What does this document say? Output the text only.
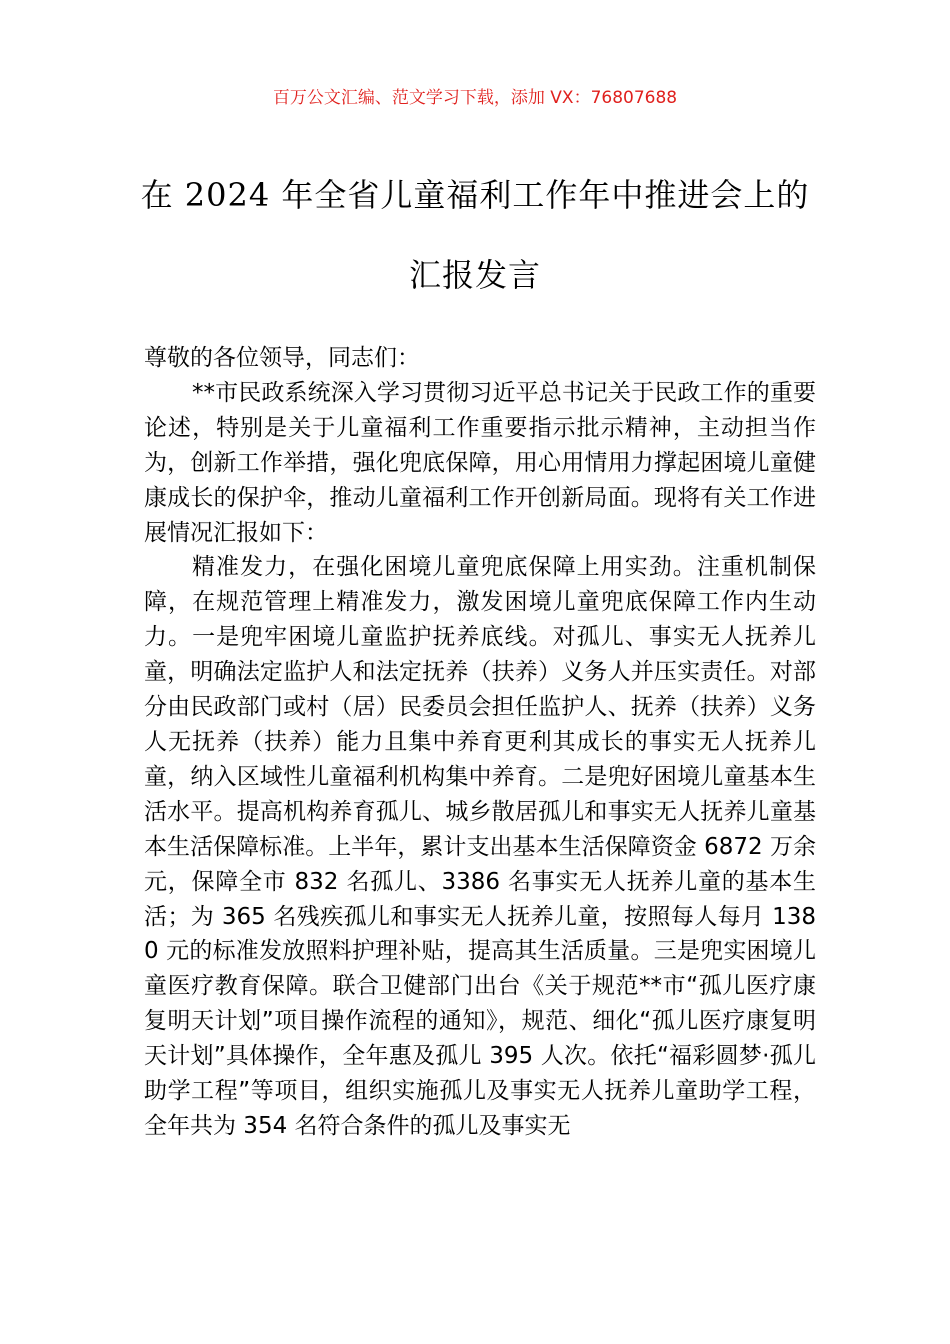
百万公文汇编、范文学习下载，添加 VX：76807688
在 2024 年全省儿童福利工作年中推进会上的汇报发言

尊敬的各位领导，同志们：

**市民政系统深入学习贯彻习近平总书记关于民政工作的重要论述，特别是关于儿童福利工作重要指示批示精神，主动担当作为，创新工作举措，强化兜底保障，用心用情用力撑起困境儿童健康成长的保护伞，推动儿童福利工作开创新局面。现将有关工作进展情况汇报如下：

精准发力，在强化困境儿童兜底保障上用实劲。注重机制保障，在规范管理上精准发力，激发困境儿童兜底保障工作内生动力。一是兜牢困境儿童监护抚养底线。对孤儿、事实无人抚养儿童，明确法定监护人和法定抚养（扶养）义务人并压实责任。对部分由民政部门或村（居）民委员会担任监护人、抚养（扶养）义务人无抚养（扶养）能力且集中养育更利其成长的事实无人抚养儿童，纳入区域性儿童福利机构集中养育。二是兜好困境儿童基本生活水平。提高机构养育孤儿、城乡散居孤儿和事实无人抚养儿童基本生活保障标准。上半年，累计支出基本生活保障资金 6872 万余元，保障全市 832 名孤儿、3386 名事实无人抚养儿童的基本生活；为 365 名残疾孤儿和事实无人抚养儿童，按照每人每月 1380 元的标准发放照料护理补贴，提高其生活质量。三是兜实困境儿童医疗教育保障。联合卫健部门出台《关于规范**市“孤儿医疗康复明天计划”项目操作流程的通知》，规范、细化“孤儿医疗康复明天计划”具体操作，全年惠及孤儿 395 人次。依托“福彩圆梦·孤儿助学工程”等项目，组织实施孤儿及事实无人抚养儿童助学工程，全年共为 354 名符合条件的孤儿及事实无
